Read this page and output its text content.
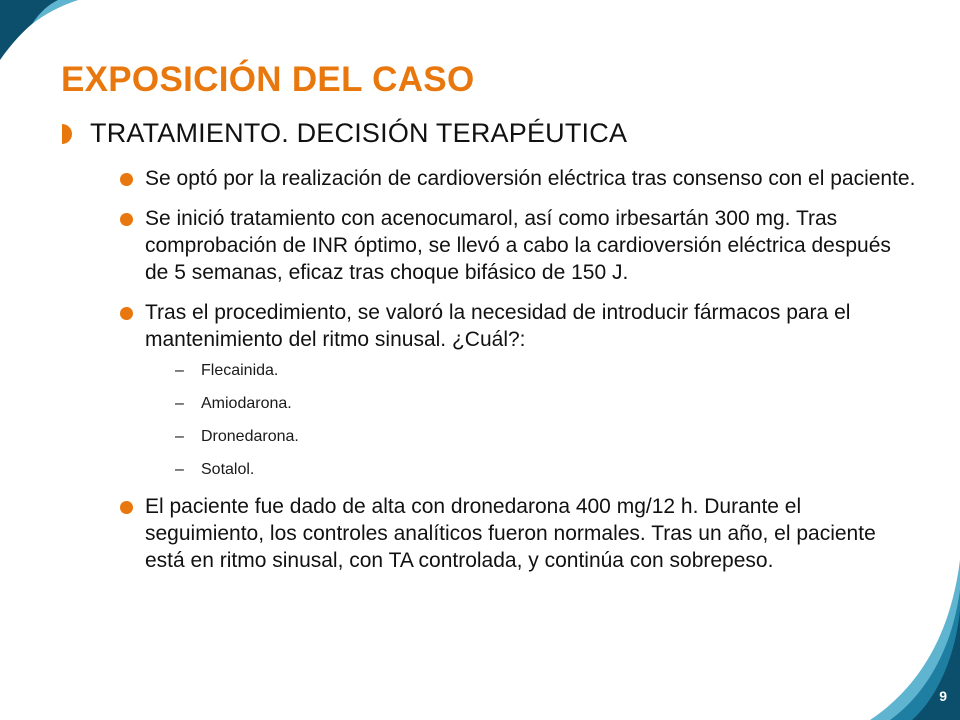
EXPOSICIÓN DEL CASO
TRATAMIENTO. DECISIÓN TERAPÉUTICA
Se optó por la realización de cardioversión eléctrica tras consenso con el paciente.
Se inició tratamiento con acenocumarol, así como irbesartán 300 mg. Tras comprobación de INR óptimo, se llevó a cabo la cardioversión eléctrica después de 5 semanas, eficaz tras choque bifásico de 150 J.
Tras el procedimiento, se valoró la necesidad de introducir fármacos para el mantenimiento del ritmo sinusal. ¿Cuál?:
– Flecainida.
– Amiodarona.
– Dronedarona.
– Sotalol.
El paciente fue dado de alta con dronedarona 400 mg/12 h. Durante el seguimiento, los controles analíticos fueron normales. Tras un año, el paciente está en ritmo sinusal, con TA controlada, y continúa con sobrepeso.
9
